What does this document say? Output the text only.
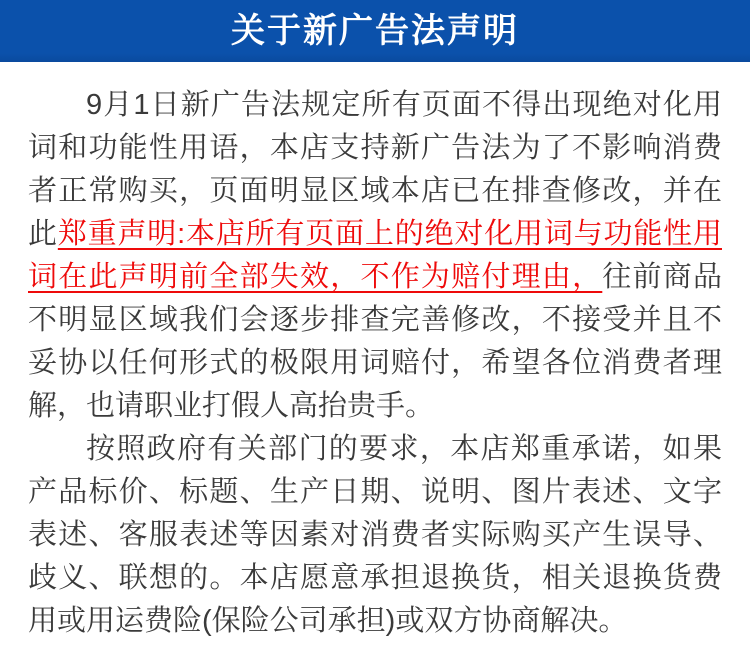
关于新广告法声明

9月1日新广告法规定所有页面不得出现绝对化用词和功能性用语，本店支持新广告法为了不影响消费者正常购买，页面明显区域本店已在排查修改，并在此郑重声明:本店所有页面上的绝对化用词与功能性用词在此声明前全部失效，不作为赔付理由，往前商品不明显区域我们会逐步排查完善修改，不接受并且不妥协以任何形式的极限用词赔付，希望各位消费者理解，也请职业打假人高抬贵手。

按照政府有关部门的要求，本店郑重承诺，如果产品标价、标题、生产日期、说明、图片表述、文字表述、客服表述等因素对消费者实际购买产生误导、歧义、联想的。本店愿意承担退换货，相关退换货费用或用运费险(保险公司承担)或双方协商解决。
